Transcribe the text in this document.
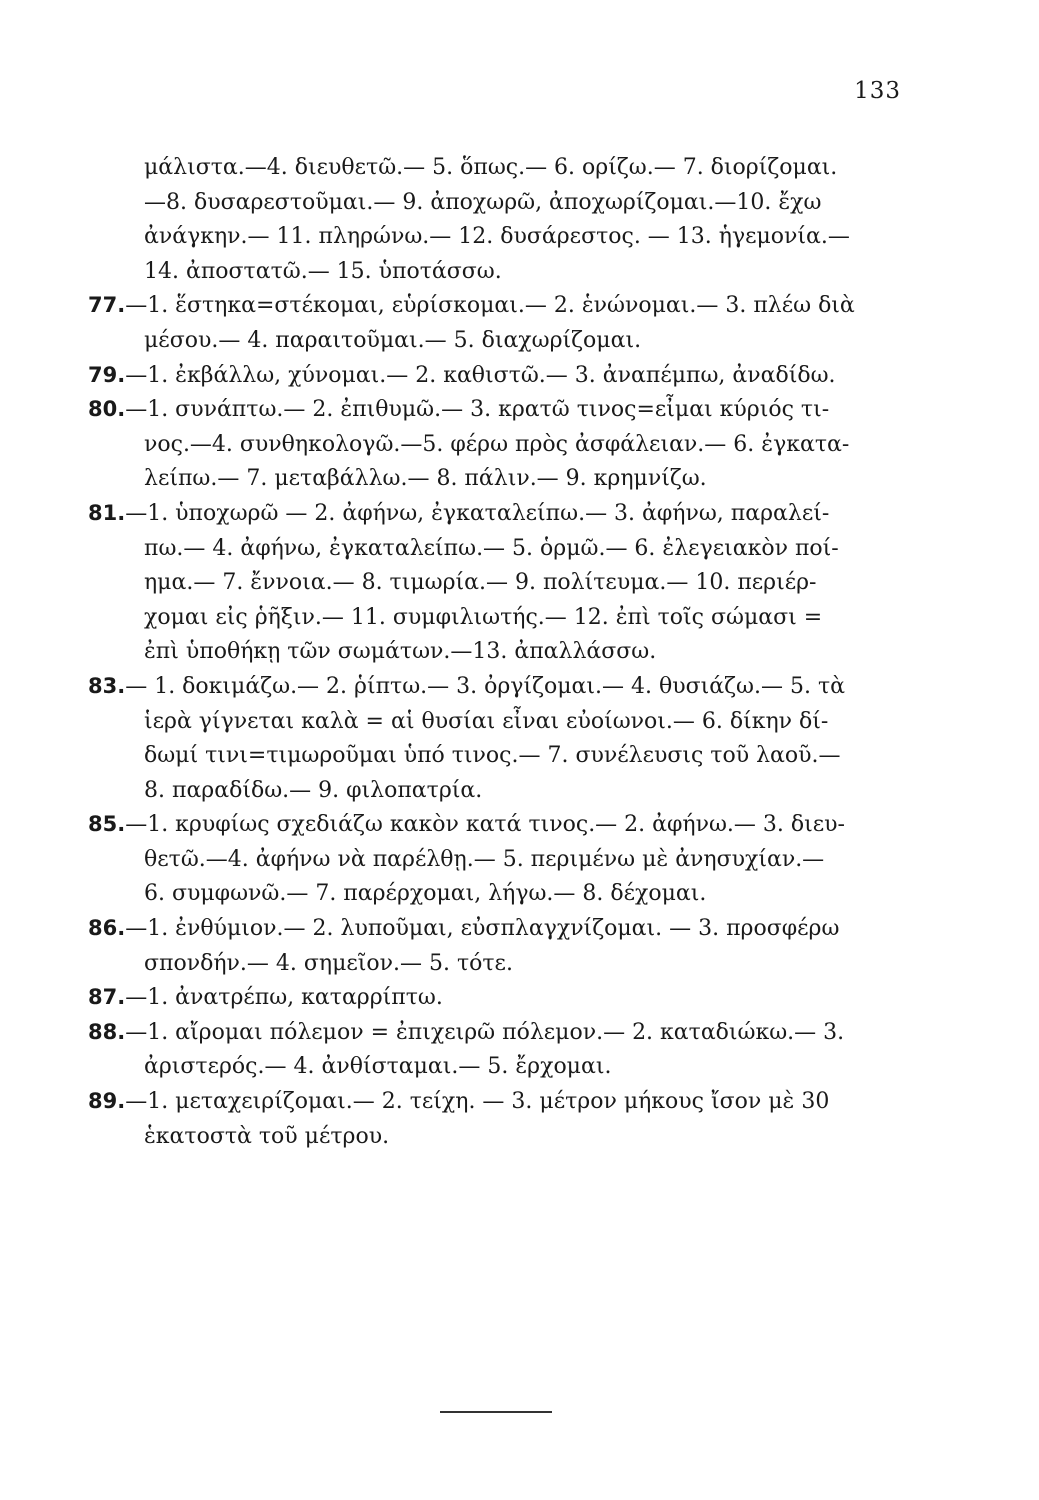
133
μάλιστα.—4. διευθετῶ.— 5. ὅπως.— 6. ορίζω.— 7. διορίζομαι.
—8. δυσαρεστοῦμαι.— 9. ἀποχωρῶ, ἀποχωρίζομαι.—10. ἔχω
ἀνάγκην.— 11. πληρώνω.— 12. δυσάρεστος. — 13. ἡγεμονία.—
14. ἀποστατῶ.— 15. ὑποτάσσω.
77.—1. ἕστηκα=στέκομαι, εὑρίσκομαι.— 2. ἑνώνομαι.— 3. πλέω διὰ
μέσου.— 4. παραιτοῦμαι.— 5. διαχωρίζομαι.
79.—1. ἐκβάλλω, χύνομαι.— 2. καθιστῶ.— 3. ἀναπέμπω, ἀναδίδω.
80.—1. συνάπτω.— 2. ἐπιθυμῶ.— 3. κρατῶ τινος=εἶμαι κύριός τι-
νος.—4. συνθηκολογῶ.—5. φέρω πρὸς ἀσφάλειαν.— 6. ἐγκατα-
λείπω.— 7. μεταβάλλω.— 8. πάλιν.— 9. κρημνίζω.
81.—1. ὑποχωρῶ — 2. ἀφήνω, ἐγκαταλείπω.— 3. ἀφήνω, παραλεί-
πω.— 4. ἀφήνω, ἐγκαταλείπω.— 5. ὁρμῶ.— 6. ἐλεγειακὸν ποί-
ημα.— 7. ἔννοια.— 8. τιμωρία.— 9. πολίτευμα.— 10. περιέρ-
χομαι εἰς ῥῆξιν.— 11. συμφιλιωτής.— 12. ἐπὶ τοῖς σώμασι =
ἐπὶ ὑποθήκῃ τῶν σωμάτων.—13. ἀπαλλάσσω.
83.— 1. δοκιμάζω.— 2. ῥίπτω.— 3. ὀργίζομαι.— 4. θυσιάζω.— 5. τὰ
ἱερὰ γίγνεται καλὰ = αἱ θυσίαι εἶναι εὐοίωνοι.— 6. δίκην δί-
δωμί τινι=τιμωροῦμαι ὑπό τινος.— 7. συνέλευσις τοῦ λαοῦ.—
8. παραδίδω.— 9. φιλοπατρία.
85.—1. κρυφίως σχεδιάζω κακὸν κατά τινος.— 2. ἀφήνω.— 3. διευ-
θετῶ.—4. ἀφήνω νὰ παρέλθῃ.— 5. περιμένω μὲ ἀνησυχίαν.—
6. συμφωνῶ.— 7. παρέρχομαι, λήγω.— 8. δέχομαι.
86.—1. ἐνθύμιον.— 2. λυποῦμαι, εὐσπλαγχνίζομαι. — 3. προσφέρω
σπονδήν.— 4. σημεῖον.— 5. τότε.
87.—1. ἀνατρέπω, καταρρίπτω.
88.—1. αἴρομαι πόλεμον = ἐπιχειρῶ πόλεμον.— 2. καταδιώκω.— 3.
ἀριστερός.— 4. ἀνθίσταμαι.— 5. ἔρχομαι.
89.—1. μεταχειρίζομαι.— 2. τείχη. — 3. μέτρον μήκους ἴσον μὲ 30
ἑκατοστὰ τοῦ μέτρου.
